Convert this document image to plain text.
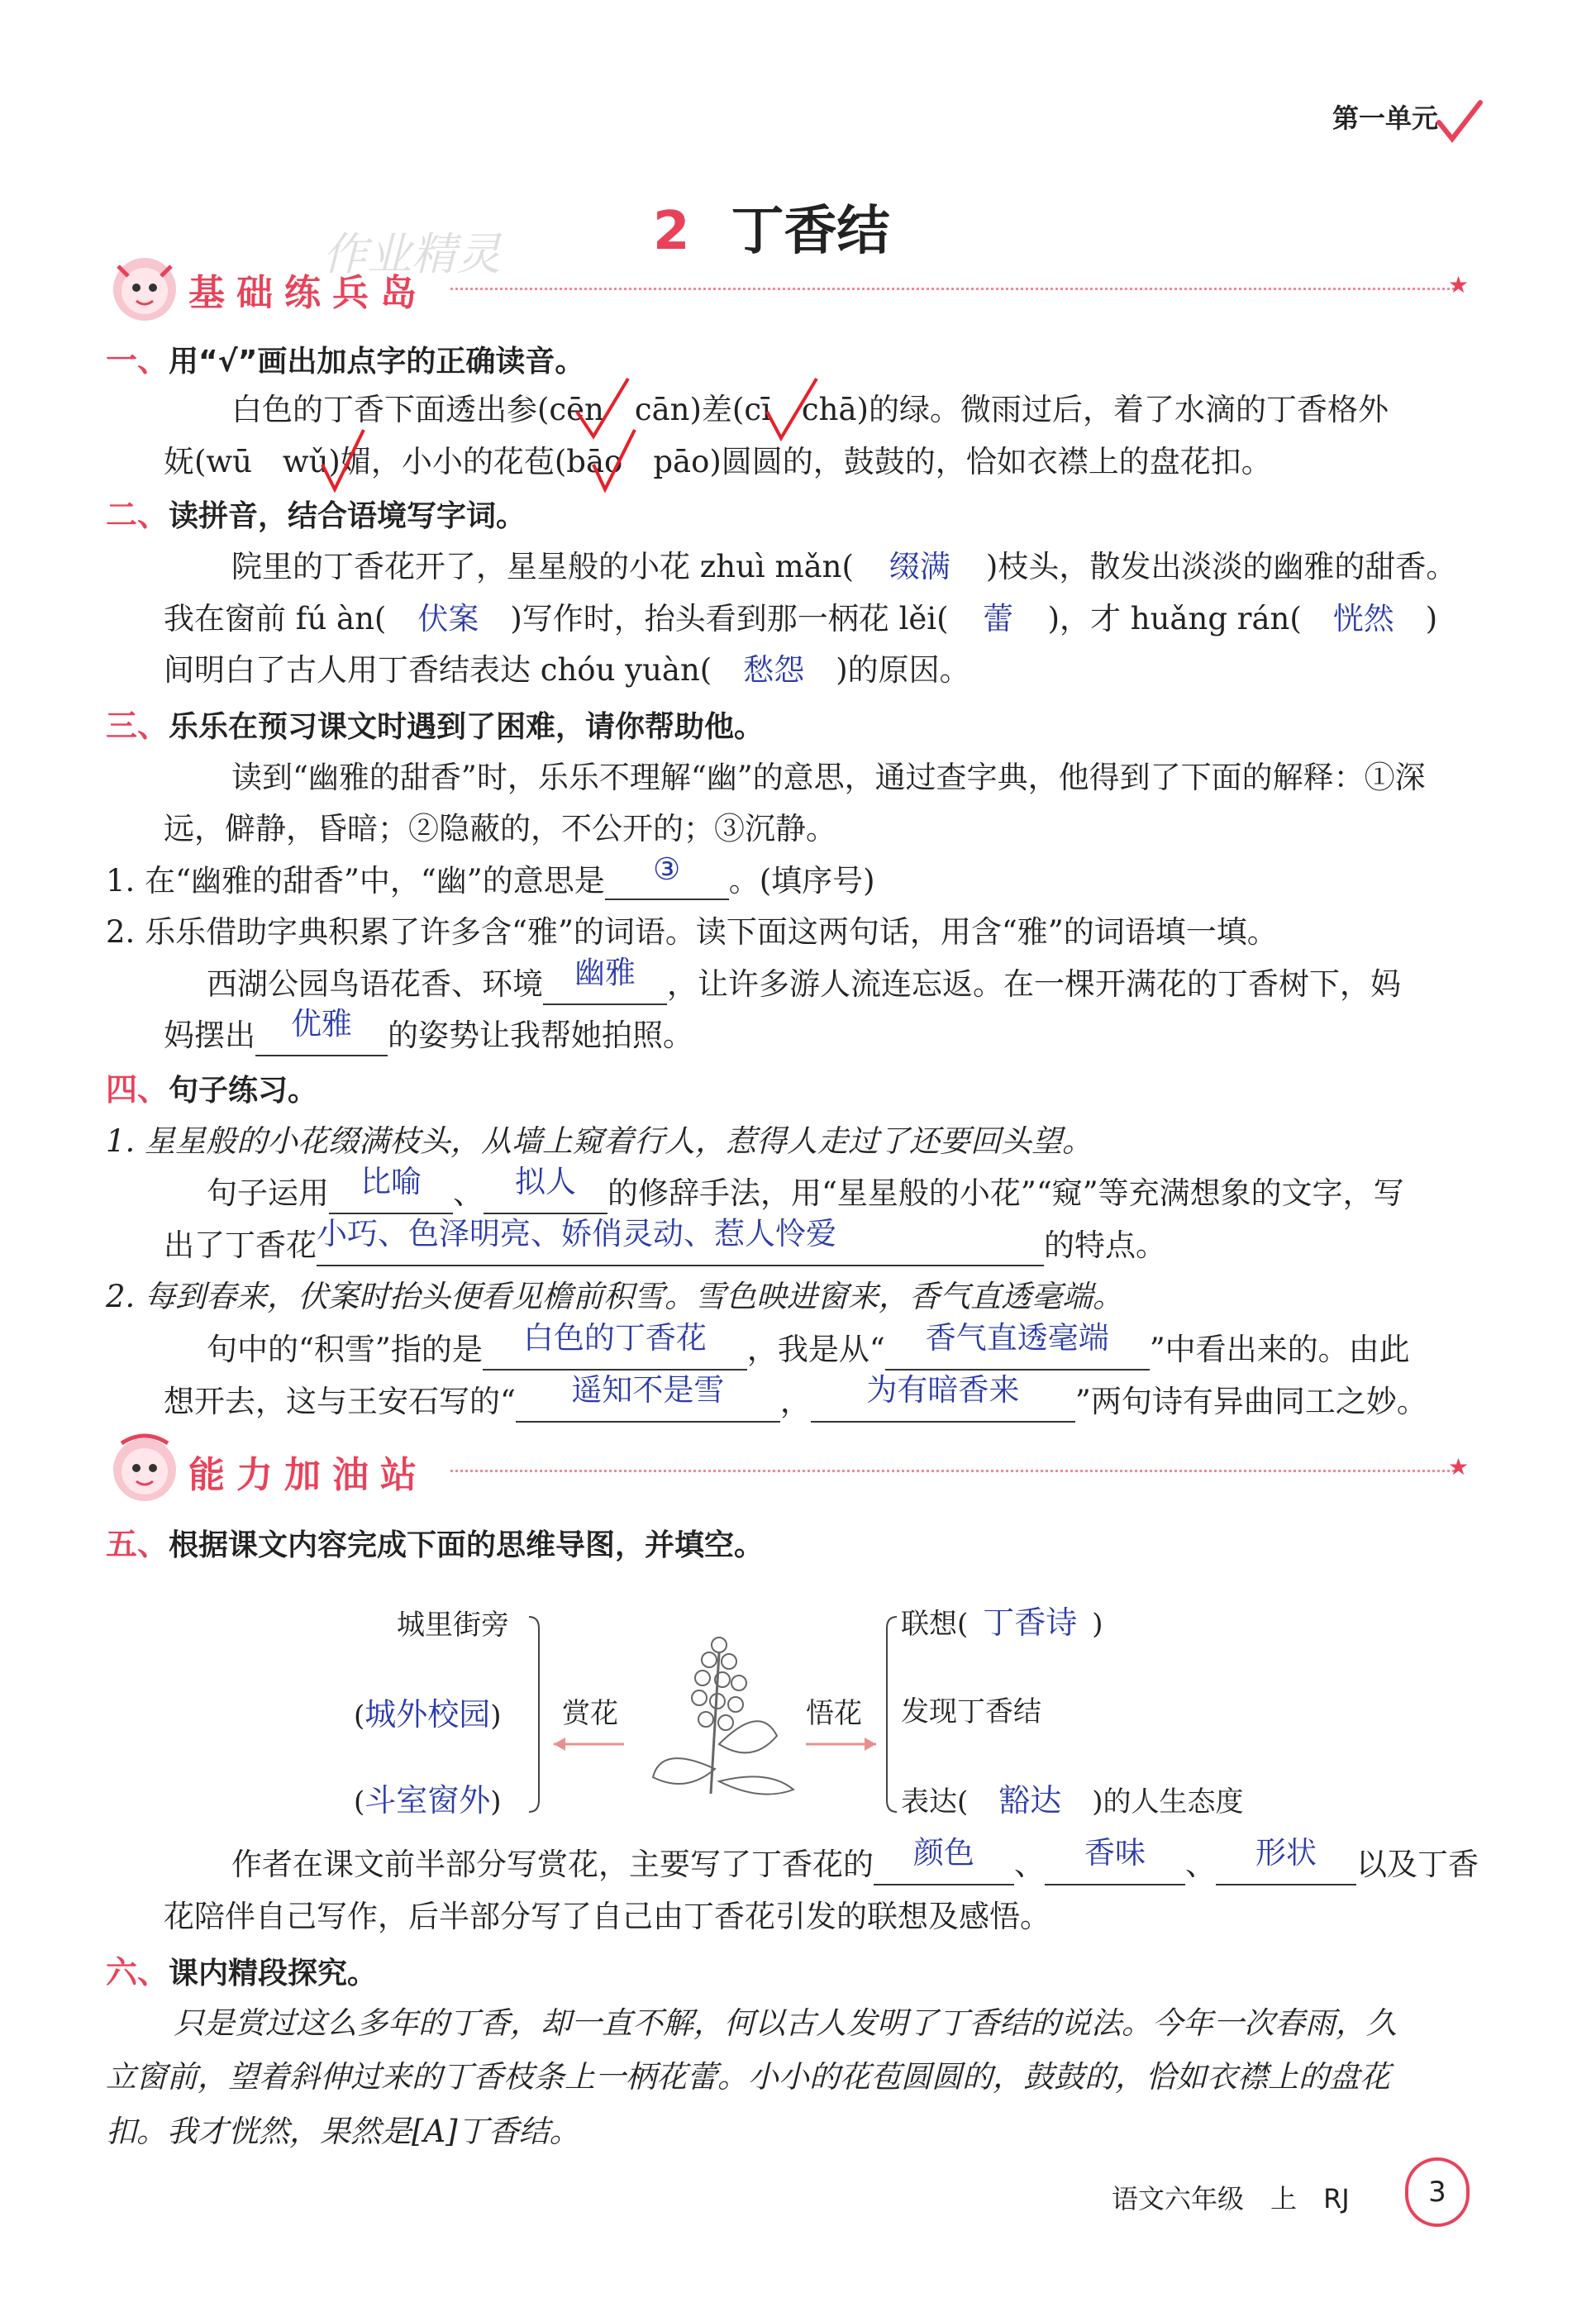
第一单元
2 丁香结
作业精灵
基础练兵岛	★
一、用“√”画出加点字的正确读音。
白色的丁香下面透出参(cēn　cān)差(cī　chā)的绿。微雨过后，着了水滴的丁香格外
妩(wū　wǔ)媚，小小的花苞(bāo　pāo)圆圆的，鼓鼓的，恰如衣襟上的盘花扣。
二、读拼音，结合语境写字词。
院里的丁香花开了，星星般的小花 zhuì mǎn( 缀满 )枝头，散发出淡淡的幽雅的甜香。
我在窗前 fú àn( 伏案 )写作时，抬头看到那一柄花 lěi( 蕾 )，才 huǎng rán( 恍然 )
间明白了古人用丁香结表达 chóu yuàn( 愁怨 )的原因。
三、乐乐在预习课文时遇到了困难，请你帮助他。
读到“幽雅的甜香”时，乐乐不理解“幽”的意思，通过查字典，他得到了下面的解释：①深
远，僻静，昏暗；②隐蔽的，不公开的；③沉静。
1. 在“幽雅的甜香”中，“幽”的意思是 ③ 。(填序号)
2. 乐乐借助字典积累了许多含“雅”的词语。读下面这两句话，用含“雅”的词语填一填。
西湖公园鸟语花香、环境 幽雅 ，让许多游人流连忘返。在一棵开满花的丁香树下，妈
妈摆出 优雅 的姿势让我帮她拍照。
四、句子练习。
1. 星星般的小花缀满枝头，从墙上窥着行人，惹得人走过了还要回头望。
句子运用 比喻 、 拟人 的修辞手法，用“星星般的小花”“窥”等充满想象的文字，写
出了丁香花小巧、色泽明亮、娇俏灵动、惹人怜爱	的特点。
2. 每到春来，伏案时抬头便看见檐前积雪。雪色映进窗来，香气直透毫端。
句中的“积雪”指的是 白色的丁香花 ，我是从“ 香气直透毫端 ”中看出来的。由此
想开去，这与王安石写的“ 遥知不是雪 ， 为有暗香来 ”两句诗有异曲同工之妙。
能力加油站	★
五、根据课文内容完成下面的思维导图，并填空。
城里街旁
(城外校园)
(斗室窗外)
赏花	悟花
联想( 丁香诗 )
发现丁香结
表达( 豁达 )的人生态度
作者在课文前半部分写赏花，主要写了丁香花的 颜色 、 香味 、 形状 以及丁香
花陪伴自己写作，后半部分写了自己由丁香花引发的联想及感悟。
六、课内精段探究。
只是赏过这么多年的丁香，却一直不解，何以古人发明了丁香结的说法。今年一次春雨，久
立窗前，望着斜伸过来的丁香枝条上一柄花蕾。小小的花苞圆圆的，鼓鼓的，恰如衣襟上的盘花
扣。我才恍然，果然是[A]丁香结。
语文六年级　 上　 RJ	3
